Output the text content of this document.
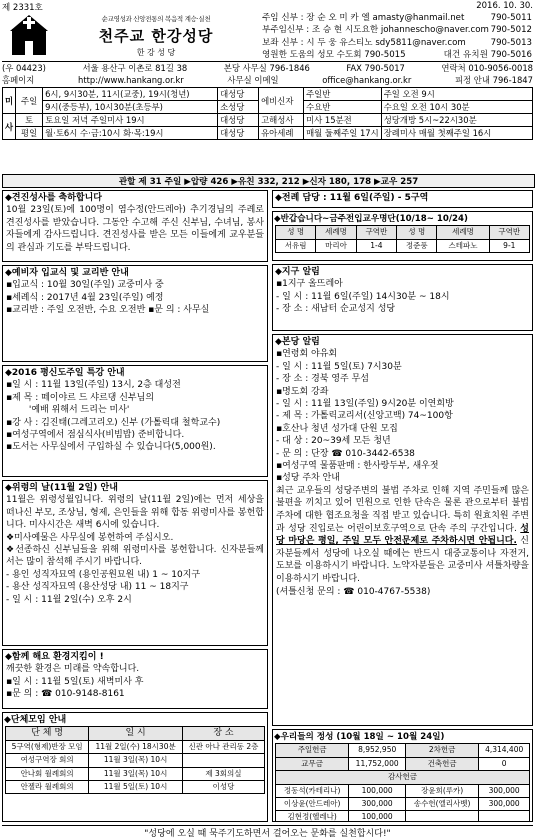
제 2331호	2016. 10. 30.
순교영성과 신앙전통의 복음적 계승·실천
천주교 한강성당
한 강 성 당
주임 신부 : 장 순 오 미 카 엘 amasty@hanmail.net	790-5011
부주임신부 : 조 승 현 시도요한 johannescho@naver.com 790-5012
보좌 신부 : 시 두 웅 유스티노 sdy5811@naver.com	790-5013
영원한 도움의 성모 수도회 790-5015	대건 유치원 790-5016
(우 04423)	서울 용산구 이촌로 81길 38	본당 사무실 796-1846	FAX 790-5017	연락처 010-9056-0018
홈페이지	http://www.hankang.or.kr	사무실 이메일	office@hankang.or.kr	피정 안내 796-1847
미	주일	6시, 9시30분, 11시(교중), 19시(청년)	대성당	에비신자	주일반	주일 오전 9시
		9시(중등부), 10시30분(초등부)	소성당		수요반	수요일 오전 10시 30분
사	토	토요일 저녁 주일미사 19시	대성당	고해성사	미사 15분전	성당개방 5시~22시30분
	평일	월·토6시 수·금:10시 화·목:19시	대성당	유아세례	매월 둘째주일 17시	장례미사 매월 첫째주일 16시
관할 제 31 주일 ▶압량 426 ▶유친 332, 212 ▶신자 180, 178 ▶교우 257
◆견진성사를 축하합니다
10월 23일(토)에 100명이 염수정(안드레아) 추기경님의 주례로 견진성사를 받았습니다. 그동안 수고해 주신 신부님, 수녀님, 봉사자들에게 감사드립니다. 견진성사를 받은 모든 이들에게 교우분들의 관심과 기도를 부탁드립니다.
◆예비자 입교식 및 교리반 안내
▪입교식 : 10월 30일(주일) 교중미사 중
▪세례식 : 2017년 4월 23일(주일) 예정
▪교리반 : 주일 오전반, 수요 오전반 ▪문 의 : 사무실
◆2016 평신도주일 특강 안내
▪일 시 : 11월 13일(주일) 13시, 2층 대성전
▪제 목 : 떼이야르 드 샤르댕 신부님의
'예배 위해서 드리는 미사'
▪강 사 : 김진태(그레고리오) 신부 (가톨릭대 철학교수)
▪여성구역에서 점심식사(비빔밥) 준비합니다.
▪도서는 사무실에서 구입하실 수 있습니다(5,000원).
◆위령의 날(11월 2일) 안내
11월은 위령성월입니다. 위령의 날(11월 2일)에는 먼저 세상을 떠나신 부모, 조상님, 형제, 은인들을 위해 합동 위령미사를 봉헌합니다. 미사시간은 새벽 6시에 있습니다.
❖미사예물은 사무실에 봉헌하여 주십시오.
❖선종하신 신부님들을 위해 위령미사를 봉헌합니다. 신자분들께서는 많이 참석해 주시기 바랍니다.
- 용인 성직자묘역 (용인공원묘원 내) 1 ~ 10지구
- 용산 성직자묘역 (용산성당 내) 11 ~ 18지구
- 일 시 : 11월 2일(수) 오후 2시
◆함께 해요 환경지킴이 !
깨끗한 환경은 미래를 약속합니다.
▪일 시 : 11월 5일(토) 새벽미사 후
▪문 의 : ☎ 010-9148-8161
◆단체모임 안내
단 체 명	일 시	장 소
5구역(형제)반장 모임	11월 2일(수) 18시30분	신관 아나 관리동 2층
여성구역장 회의	11월 3일(목) 10시	
안나회 월례회의	11월 3일(목) 10시	제 3회의실
안젤라 월례회의	11월 5일(토) 10시	이성당
◆전례 담당 : 11월 6일(주일) - 5구역
◆반갑습니다~금주전입교우명단(10/18~ 10/24)
성 명	세례명	구역반	성 명	세례명	구역반
서유림	마리아	1-4	정준풍	스테파노	9-1
◆지구 알림
▪1지구 올뜨레아
- 일 시 : 11월 6일(주일) 14시30분 ~ 18시
- 장 소 : 새남터 순교성지 성당
◆본당 알림
▪연령회 야유회
- 일 시 : 11월 5일(토) 7시30분
- 장 소 : 경북 영주 무섬
▪명도회 강좌
- 일 시 : 11월 13일(주일) 9시20분 이연희방
- 제 목 : 가톨릭교리서(신앙고백) 74~100항
▪호산나 청년 성가대 단원 모집
- 대 상 : 20~39세 모든 청년
- 문 의 : 단장 ☎ 010-3442-6538
▪여성구역 물품판매 : 한사랑두부, 새우젓
▪성당 주차 안내
최근 교우들의 성당주변의 불법 주차로 인해 지역 주민들께 많은 불편을 끼치고 있어 민원으로 인한 단속은 물론 관으로부터 불법주차에 대한 협조요청을 직접 받고 있습니다. 특히 원효치원 주변과 성당 진입로는 어린이보호구역으로 단속 주의 구간입니다. 성당 마당은 평일, 주일 모두 안전문제로 주차하시면 안됩니다. 신자분들께서 성당에 나오실 때에는 반드시 대중교통이나 자전거, 도보를 이용하시기 바랍니다. 노약자분들은 교중미사 셔틀차량을 이용하시기 바랍니다.
(셔틀신청 문의 : ☎ 010-4767-5538)
◆우리들의 정성 (10월 18일 ~ 10월 24일)
주일헌금	8,952,950	2차헌금	4,314,400
교무금	11,752,000	건축헌금	0
감사헌금			
정동석(카테리나)	100,000	장윤희(루카)	300,000
이상윤(안드레아)	300,000	송수헌(엘리사벳)	300,000
김현정(헬레나)	100,000		
"성당에 오실 때 묵주기도하면서 걸어오는 문화를 실천합시다!"
